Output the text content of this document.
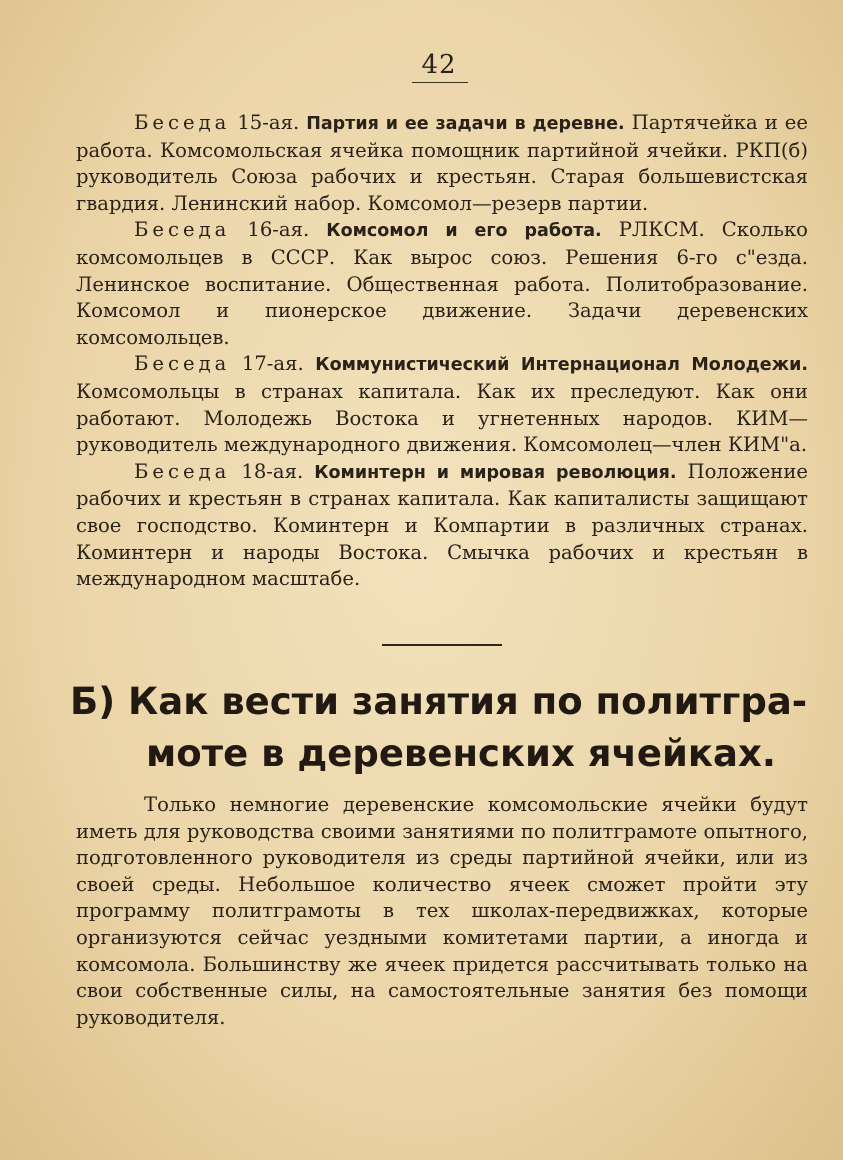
42

Беседа 15-ая. Партия и ее задачи в деревне. Партячейка и ее работа. Комсомольская ячейка помощник партийной ячейки. РКП(б) руководитель Союза рабочих и крестьян. Старая большевистская гвардия. Ленинский набор. Комсомол—резерв партии.

Беседа 16-ая. Комсомол и его работа. РЛКСМ. Сколько комсомольцев в СССР. Как вырос союз. Решения 6-го с"езда. Ленинское воспитание. Общественная работа. Политобразование. Комсомол и пионерское движение. Задачи деревенских комсомольцев.

Беседа 17-ая. Коммунистический Интернационал Молодежи. Комсомольцы в странах капитала. Как их преследуют. Как они работают. Молодежь Востока и угнетенных народов. КИМ—руководитель международного движения. Комсомолец—член КИМ"а.

Беседа 18-ая. Коминтерн и мировая революция. Положение рабочих и крестьян в странах капитала. Как капиталисты защищают свое господство. Коминтерн и Компартии в различных странах. Коминтерн и народы Востока. Смычка рабочих и крестьян в международном масштабе.

Б) Как вести занятия по политгра-

моте в деревенских ячейках.

Только немногие деревенские комсомольские ячейки будут иметь для руководства своими занятиями по политграмоте опытного, подготовленного руководителя из среды партийной ячейки, или из своей среды. Небольшое количество ячеек сможет пройти эту программу политграмоты в тех школах-передвижках, которые организуются сейчас уездными комитетами партии, а иногда и комсомола. Большинству же ячеек придется рассчитывать только на свои собственные силы, на самостоятельные занятия без помощи руководителя.
